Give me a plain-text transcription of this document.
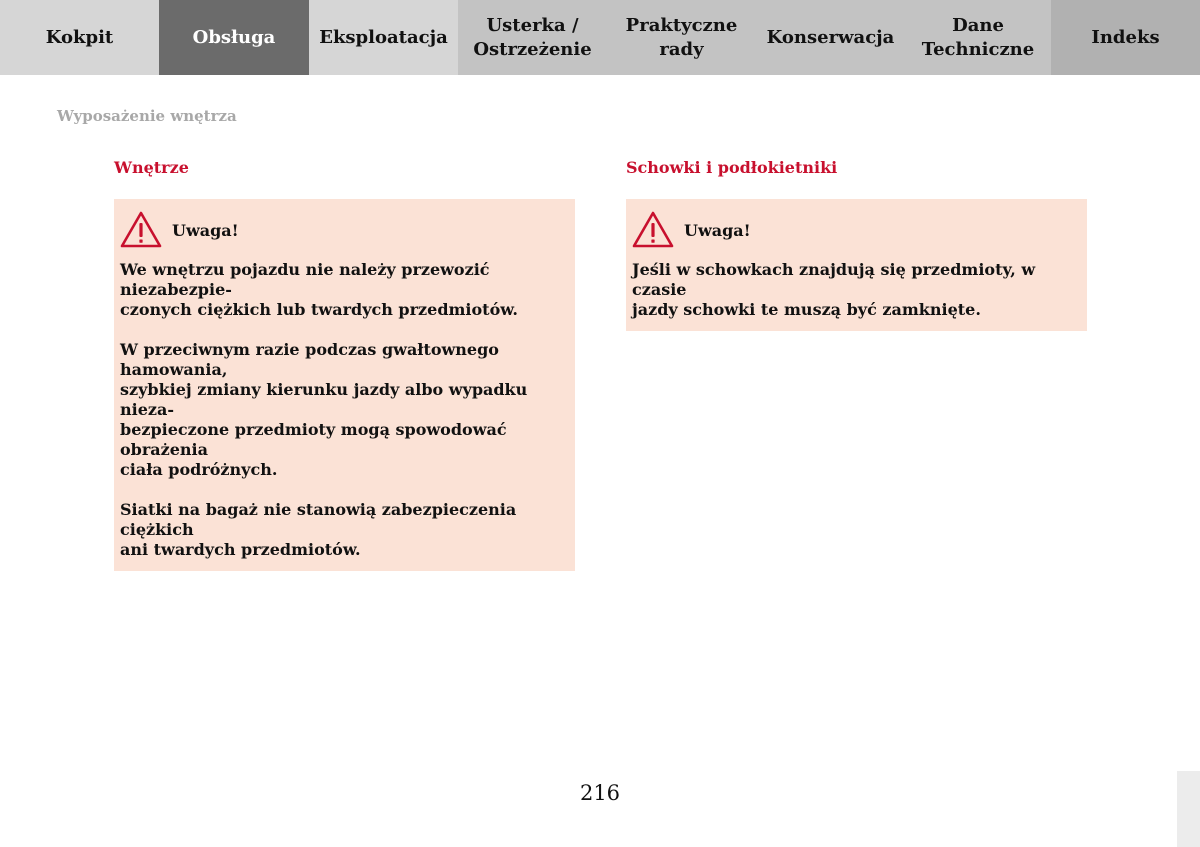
Kokpit	Obsługa	Eksploatacja
Usterka /
Ostrzeżenie
Praktyczne
rady
Konserwacja
Dane
Techniczne
Indeks
Wyposażenie wnętrza
Wnętrze
Uwaga!

We wnętrzu pojazdu nie należy przewozić niezabezpie-
czonych ciężkich lub twardych przedmiotów.

W przeciwnym razie podczas gwałtownego hamowania,
szybkiej zmiany kierunku jazdy albo wypadku nieza-
bezpieczone przedmioty mogą spowodować obrażenia
ciała podróżnych.

Siatki na bagaż nie stanowią zabezpieczenia ciężkich
ani twardych przedmiotów.

Schowki i podłokietniki
Uwaga!

Jeśli w schowkach znajdują się przedmioty, w czasie
jazdy schowki te muszą być zamknięte.

216
